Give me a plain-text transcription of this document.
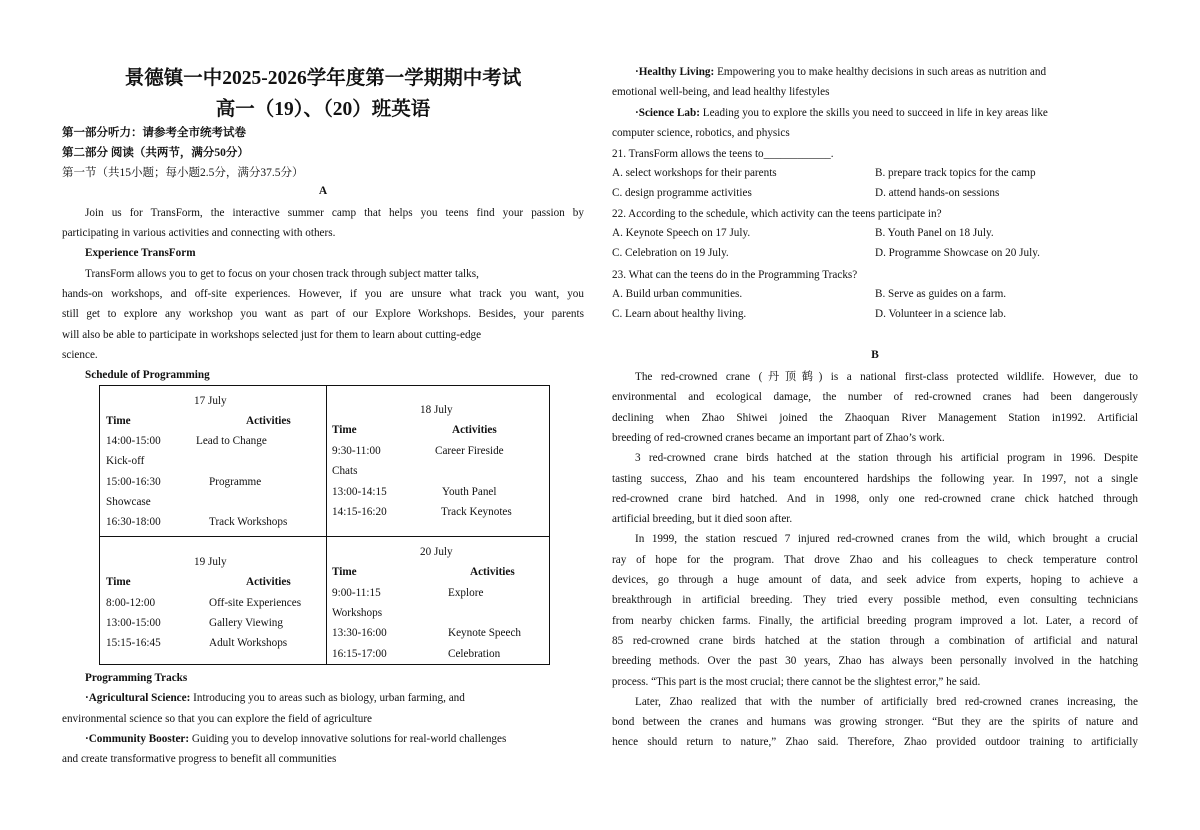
景德镇一中2025-2026学年度第一学期期中考试
高一（19）、（20）班英语
第一部分听力：请参考全市统考试卷
第二部分 阅读（共两节，满分50分）
第一节（共15小题；每小题2.5分，满分37.5分）
A
Join us for TransForm, the interactive summer camp that helps you teens find your passion by
participating in various activities and connecting with others.
Experience TransForm
TransForm allows you to get to focus on your chosen track through subject matter talks,
hands-on workshops, and off-site experiences. However, if you are unsure what track you want, you
still get to explore any workshop you want as part of our Explore Workshops. Besides, your parents
will also be able to participate in workshops selected just for them to learn about cutting-edge
science.
Schedule of Programming
17 July
Time	Activities
14:00-15:00	Lead to Change
Kick-off
15:00-16:30	Programme
Showcase
16:30-18:00	Track Workshops
18 July
Time	Activities
9:30-11:00	Career Fireside
Chats
13:00-14:15	Youth Panel
14:15-16:20	Track Keynotes
19 July
Time	Activities
8:00-12:00	Off-site Experiences
13:00-15:00	Gallery Viewing
15:15-16:45	Adult Workshops
20 July
Time	Activities
9:00-11:15	Explore
Workshops
13:30-16:00	Keynote Speech
16:15-17:00	Celebration
Programming Tracks
·Agricultural Science: Introducing you to areas such as biology, urban farming, and
environmental science so that you can explore the field of agriculture
·Community Booster: Guiding you to develop innovative solutions for real-world challenges
and create transformative progress to benefit all communities
·Healthy Living: Empowering you to make healthy decisions in such areas as nutrition and
emotional well-being, and lead healthy lifestyles
·Science Lab: Leading you to explore the skills you need to succeed in life in key areas like
computer science, robotics, and physics
21. TransForm allows the teens to____________.
A. select workshops for their parents	B. prepare track topics for the camp
C. design programme activities	D. attend hands-on sessions
22. According to the schedule, which activity can the teens participate in?
A. Keynote Speech on 17 July.	B. Youth Panel on 18 July.
C. Celebration on 19 July.	D. Programme Showcase on 20 July.
23. What can the teens do in the Programming Tracks?
A. Build urban communities.	B. Serve as guides on a farm.
C. Learn about healthy living.	D. Volunteer in a science lab.
B
The red-crowned crane (丹顶鹤) is a national first-class protected wildlife. However, due to
environmental and ecological damage, the number of red-crowned cranes had been dangerously
declining when Zhao Shiwei joined the Zhaoquan River Management Station in1992. Artificial
breeding of red-crowned cranes became an important part of Zhao’s work.
3 red-crowned crane birds hatched at the station through his artificial program in 1996. Despite
tasting success, Zhao and his team encountered hardships the following year. In 1997, not a single
red-crowned crane bird hatched. And in 1998, only one red-crowned crane chick hatched through
artificial breeding, but it died soon after.
In 1999, the station rescued 7 injured red-crowned cranes from the wild, which brought a crucial
ray of hope for the program. That drove Zhao and his colleagues to check temperature control
devices, go through a huge amount of data, and seek advice from experts, hoping to achieve a
breakthrough in artificial breeding. They tried every possible method, even consulting technicians
from nearby chicken farms. Finally, the artificial breeding program improved a lot. Later, a record of
85 red-crowned crane birds hatched at the station through a combination of artificial and natural
breeding methods. Over the past 30 years, Zhao has always been personally involved in the hatching
process. “This part is the most crucial; there cannot be the slightest error,” he said.
Later, Zhao realized that with the number of artificially bred red-crowned cranes increasing, the
bond between the cranes and humans was growing stronger. “But they are the spirits of nature and
hence should return to nature,” Zhao said. Therefore, Zhao provided outdoor training to artificially
